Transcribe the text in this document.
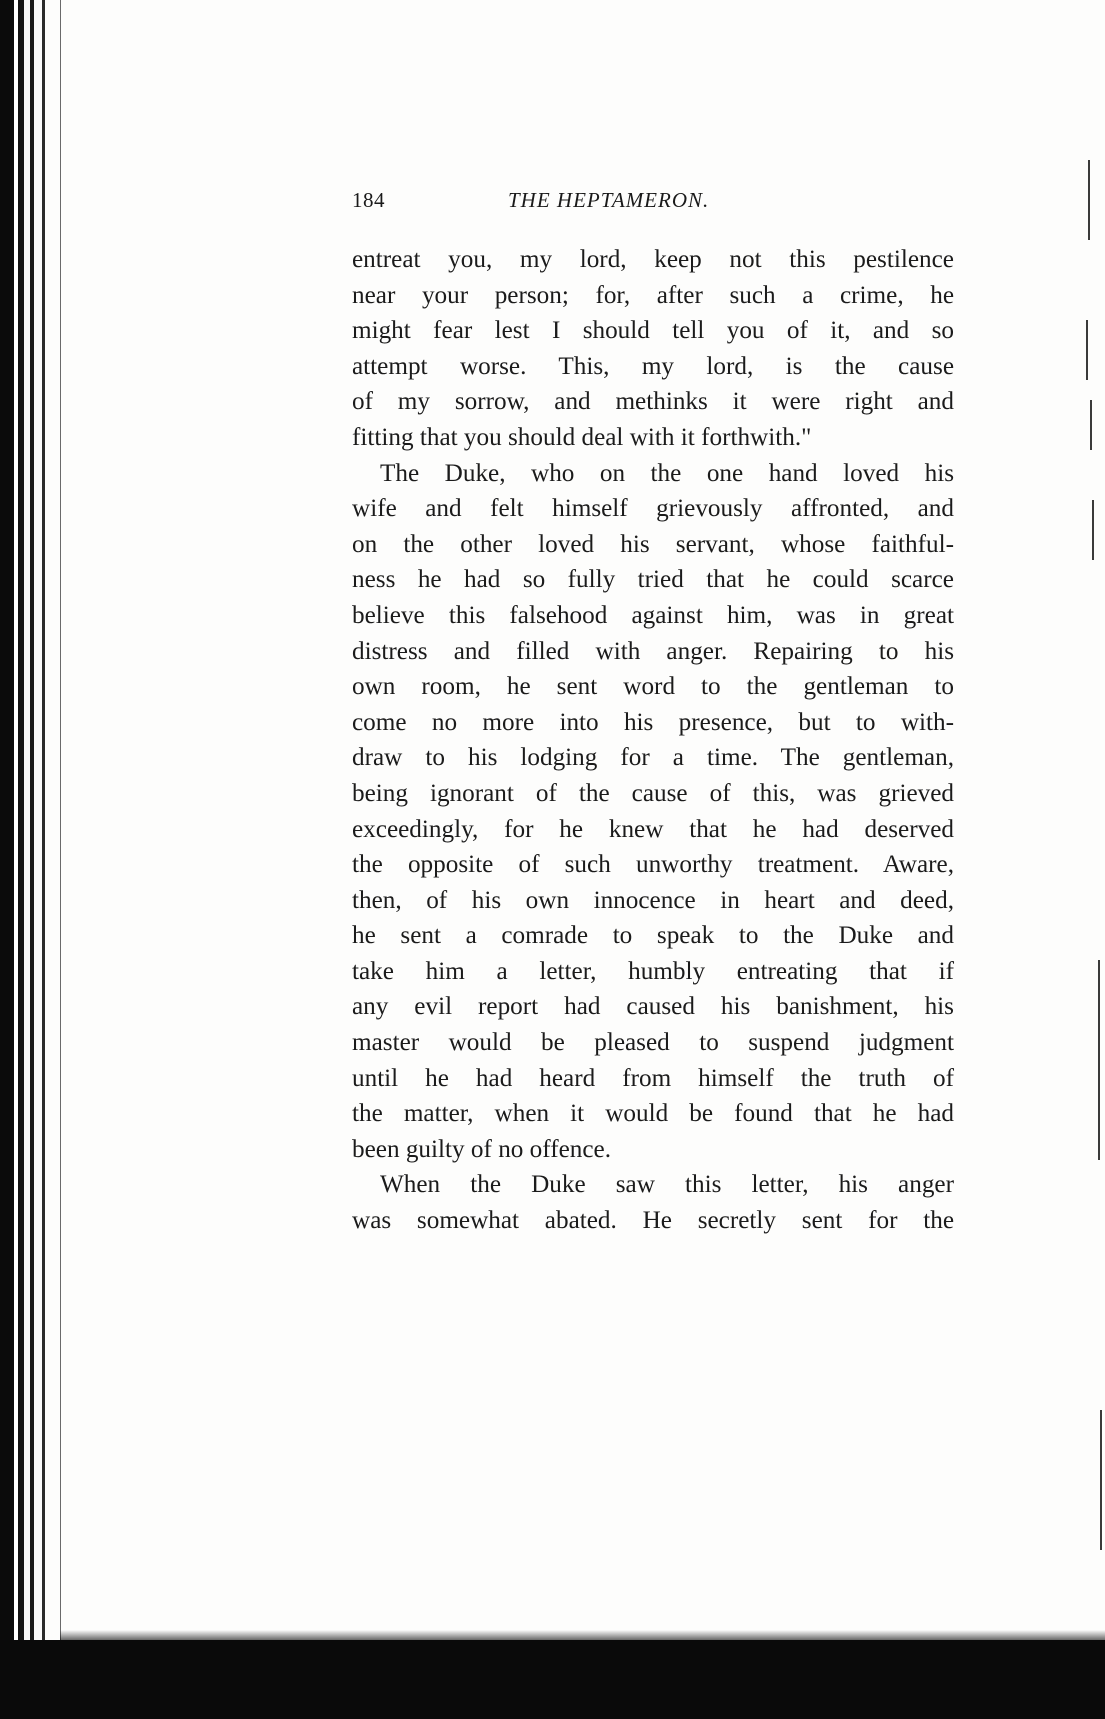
184	THE HEPTAMERON.
entreat you, my lord, keep not this pestilence
near your person; for, after such a crime, he
might fear lest I should tell you of it, and so
attempt worse. This, my lord, is the cause
of my sorrow, and methinks it were right and
fitting that you should deal with it forthwith."
The Duke, who on the one hand loved his
wife and felt himself grievously affronted, and
on the other loved his servant, whose faithful-
ness he had so fully tried that he could scarce
believe this falsehood against him, was in great
distress and filled with anger. Repairing to his
own room, he sent word to the gentleman to
come no more into his presence, but to with-
draw to his lodging for a time. The gentleman,
being ignorant of the cause of this, was grieved
exceedingly, for he knew that he had deserved
the opposite of such unworthy treatment. Aware,
then, of his own innocence in heart and deed,
he sent a comrade to speak to the Duke and
take him a letter, humbly entreating that if
any evil report had caused his banishment, his
master would be pleased to suspend judgment
until he had heard from himself the truth of
the matter, when it would be found that he had
been guilty of no offence.
When the Duke saw this letter, his anger
was somewhat abated. He secretly sent for the
